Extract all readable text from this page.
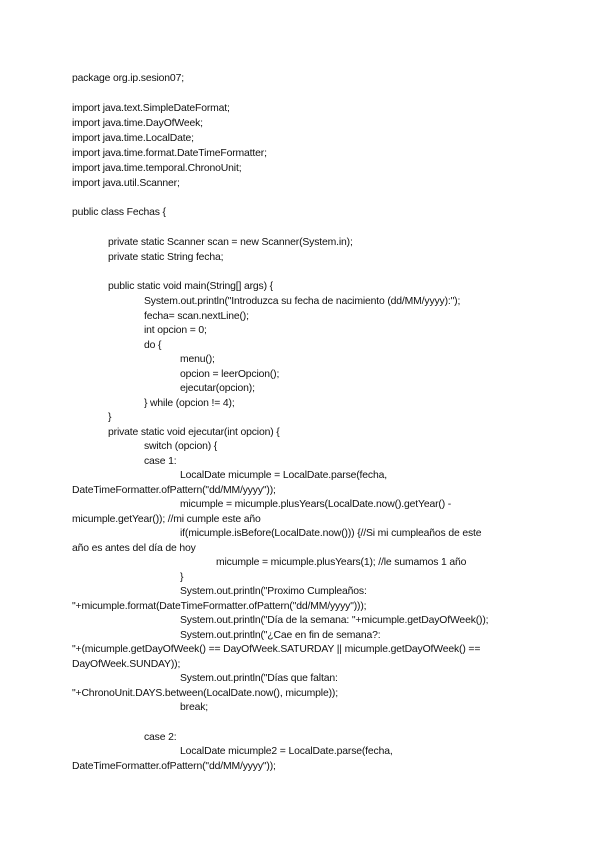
package org.ip.sesion07;
import java.text.SimpleDateFormat;
import java.time.DayOfWeek;
import java.time.LocalDate;
import java.time.format.DateTimeFormatter;
import java.time.temporal.ChronoUnit;
import java.util.Scanner;
public class Fechas {
private static Scanner scan = new Scanner(System.in);
private static String fecha;
public static void main(String[] args) {
System.out.println("Introduzca su fecha de nacimiento (dd/MM/yyyy):");
fecha= scan.nextLine();
int opcion = 0;
do {
menu();
opcion = leerOpcion();
ejecutar(opcion);
} while (opcion != 4);
}
private static void ejecutar(int opcion) {
switch (opcion) {
case 1:
LocalDate micumple = LocalDate.parse(fecha,
DateTimeFormatter.ofPattern("dd/MM/yyyy"));
micumple = micumple.plusYears(LocalDate.now().getYear() -
micumple.getYear()); //mi cumple este año
if(micumple.isBefore(LocalDate.now())) {//Si mi cumpleaños de este
año es antes del día de hoy
micumple = micumple.plusYears(1); //le sumamos 1 año
}
System.out.println("Proximo Cumpleaños:
"+micumple.format(DateTimeFormatter.ofPattern("dd/MM/yyyy")));
System.out.println("Día de la semana: "+micumple.getDayOfWeek());
System.out.println("¿Cae en fin de semana?:
"+(micumple.getDayOfWeek() == DayOfWeek.SATURDAY || micumple.getDayOfWeek() ==
DayOfWeek.SUNDAY));
System.out.println("Días que faltan:
"+ChronoUnit.DAYS.between(LocalDate.now(), micumple));
break;
case 2:
LocalDate micumple2 = LocalDate.parse(fecha,
DateTimeFormatter.ofPattern("dd/MM/yyyy"));
